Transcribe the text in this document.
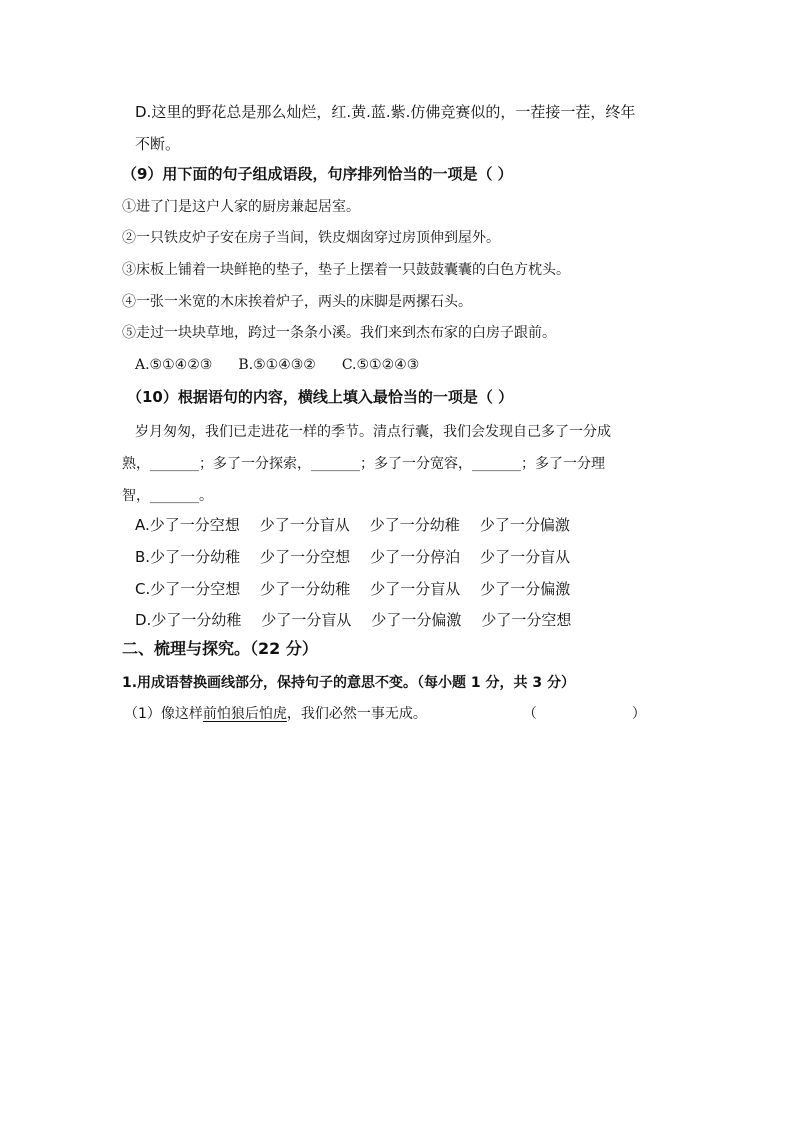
D.这里的野花总是那么灿烂，红.黄.蓝.紫.仿佛竞赛似的，一茬接一茬，终年
不断。
（9）用下面的句子组成语段，句序排列恰当的一项是（ ）
①进了门是这户人家的厨房兼起居室。
②一只铁皮炉子安在房子当间，铁皮烟囱穿过房顶伸到屋外。
③床板上铺着一块鲜艳的垫子，垫子上摆着一只鼓鼓囊囊的白色方枕头。
④一张一米宽的木床挨着炉子，两头的床脚是两摞石头。
⑤走过一块块草地，跨过一条条小溪。我们来到杰布家的白房子跟前。
A.⑤①④②③ B.⑤①④③② C.⑤①②④③
（10）根据语句的内容，横线上填入最恰当的一项是（ ）
岁月匆匆，我们已走进花一样的季节。清点行囊，我们会发现自己多了一分成
熟，_______；多了一分探索，_______；多了一分宽容，_______；多了一分理
智，_______。
A.少了一分空想 少了一分盲从 少了一分幼稚 少了一分偏激
B.少了一分幼稚 少了一分空想 少了一分停泊 少了一分盲从
C.少了一分空想 少了一分幼稚 少了一分盲从 少了一分偏激
D.少了一分幼稚 少了一分盲从 少了一分偏激 少了一分空想
二、梳理与探究。（22 分）
1.用成语替换画线部分，保持句子的意思不变。（每小题 1 分，共 3 分）
（1）像这样前怕狼后怕虎，我们必然一事无成。	（	）
